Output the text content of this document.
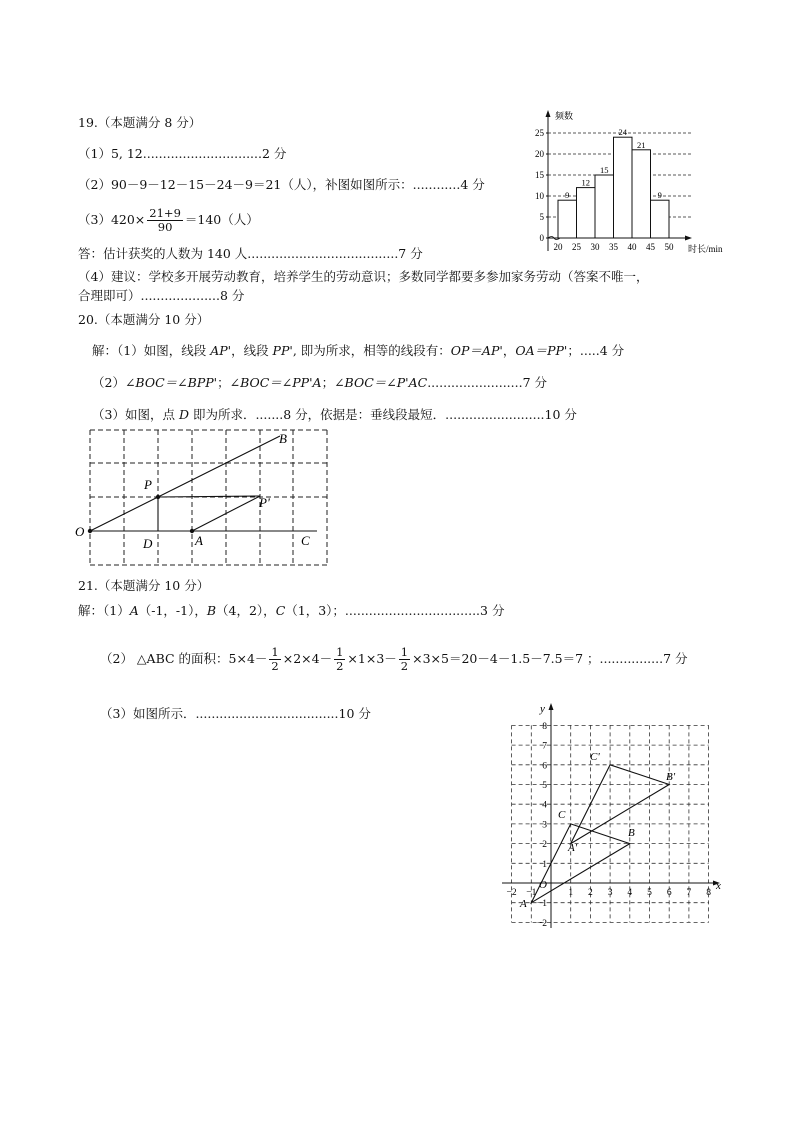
19.（本题满分 8 分）
（1）5, 12..............................2 分
（2）90－9－12－15－24－9＝21（人），补图如图所示：............4 分
$(3)420\times \frac{21+9}{90} =140$（人）
答：估计获奖的人数为 140 人......................................7 分
（4）建议：学校多开展劳动教育，培养学生的劳动意识；多数同学都要多参加家务劳动（答案不唯一，
合理即可）....................8 分
0
5
10
15
20
25
20 25 30 35 40 45 50
9
12
15
24
21
9
频数
时长/min
20.（本题满分 10 分）
解：（1）如图，线段 AP'，线段 PP', 即为所求，相等的线段有：OP＝AP'，OA＝PP'；.....4 分
（2）∠BOC＝∠BPP'；∠BOC＝∠PP'A；∠BOC＝∠P'AC........................7 分
（3）如图，点 D 即为所求．.......8 分，依据是：垂线段最短．.........................10 分
B
P
P'
O
D	A	C
21.（本题满分 10 分）
解：（1）A（-1，-1），B（4，2），C（1，3）；..................................3 分
（2） △ABC 的面积：$5\times 4- \frac{1}{2} \times 2\times 4- \frac{1}{2} \times 1\times 3- \frac{1}{2} \times 3\times 5=20-4-1.5-7.5=7$ ；................7 分
（3）如图所示．....................................10 分
−2 −1	1 2 3 4 5 6 7 8
8
7
6
5
4
3
2
1
−1
−2
y
x
O
A
B
C
A'
B'
C'
